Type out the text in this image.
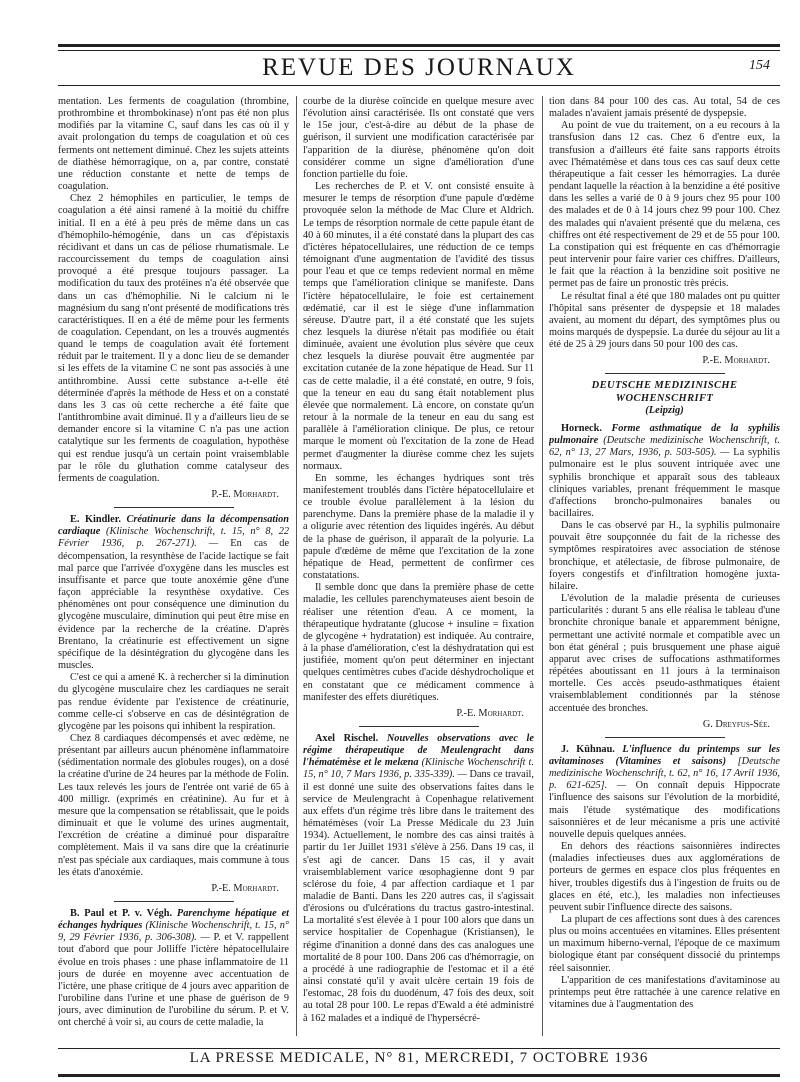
REVUE DES JOURNAUX	154

mentation. Les ferments de coagulation (thrombine, prothrombine et thrombokinase) n'ont pas été non plus modifiés par la vitamine C, sauf dans les cas où il y avait prolongation du temps de coagulation et où ces ferments ont nettement diminué. Chez les sujets atteints de diathèse hémorragique, on a, par contre, constaté une réduction constante et nette de temps de coagulation.

Chez 2 hémophiles en particulier, le temps de coagulation a été ainsi ramené à la moitié du chiffre initial. Il en a été à peu près de même dans un cas d'hémophilo-hémogénie, dans un cas d'épistaxis récidivant et dans un cas de péliose rhumatismale. Le raccourcissement du temps de coagulation ainsi provoqué a été presque toujours passager. La modification du taux des protéines n'a été observée que dans un cas d'hémophilie. Ni le calcium ni le magnésium du sang n'ont présenté de modifications très caractéristiques. Il en a été de même pour les ferments de coagulation. Cependant, on les a trouvés augmentés quand le temps de coagulation avait été fortement réduit par le traitement. Il y a donc lieu de se demander si les effets de la vitamine C ne sont pas associés à une antithrombine. Aussi cette substance a-t-elle été déterminée d'après la méthode de Hess et on a constaté dans les 3 cas où cette recherche a été faite que l'antithrombine avait diminué. Il y a d'ailleurs lieu de se demander encore si la vitamine C n'a pas une action catalytique sur les ferments de coagulation, hypothèse qui est rendue jusqu'à un certain point vraisemblable par le rôle du gluthation comme catalyseur des ferments de coagulation.

P.-E. Morhardt.

E. Kindler. Créatinurie dans la décompensation cardiaque (Klinische Wochenschrift, t. 15, n° 8, 22 Février 1936, p. 267-271). — En cas de décompensation, la resynthèse de l'acide lactique se fait mal parce que l'arrivée d'oxygène dans les muscles est insuffisante et parce que toute anoxémie gêne d'une façon appréciable la resynthèse oxydative. Ces phénomènes ont pour conséquence une diminution du glycogène musculaire, diminution qui peut être mise en évidence par la recherche de la créatine. D'après Brentano, la créatinurie est effectivement un signe spécifique de la désintégration du glycogène dans les muscles.

C'est ce qui a amené K. à rechercher si la diminution du glycogène musculaire chez les cardiaques ne serait pas rendue évidente par l'existence de créatinurie, comme celle-ci s'observe en cas de désintégration de glycogène par les poisons qui inhibent la respiration.

Chez 8 cardiaques décompensés et avec œdème, ne présentant par ailleurs aucun phénomène inflammatoire (sédimentation normale des globules rouges), on a dosé la créatine d'urine de 24 heures par la méthode de Folin. Les taux relevés les jours de l'entrée ont varié de 65 à 400 milligr. (exprimés en créatinine). Au fur et à mesure que la compensation se rétablissait, que le poids diminuait et que le volume des urines augmentait, l'excrétion de créatine a diminué pour disparaître complètement. Mais il va sans dire que la créatinurie n'est pas spéciale aux cardiaques, mais commune à tous les états d'anoxémie.

P.-E. Morhardt.

B. Paul et P. v. Végh. Parenchyme hépatique et échanges hydriques (Klinische Wochenschrift, t. 15, n° 9, 29 Février 1936, p. 306-308). — P. et V. rappellent tout d'abord que pour Jolliffe l'ictère hépatocellulaire évolue en trois phases : une phase inflammatoire de 11 jours de durée en moyenne avec accentuation de l'ictère, une phase critique de 4 jours avec apparition de l'urobiline dans l'urine et une phase de guérison de 9 jours, avec diminution de l'urobiline du sérum. P. et V. ont cherché à voir si, au cours de cette maladie, la

courbe de la diurèse coïncide en quelque mesure avec l'évolution ainsi caractérisée. Ils ont constaté que vers le 15e jour, c'est-à-dire au début de la phase de guérison, il survient une modification caractérisée par l'apparition de la diurèse, phénomène qu'on doit considérer comme un signe d'amélioration d'une fonction partielle du foie.

Les recherches de P. et V. ont consisté ensuite à mesurer le temps de résorption d'une papule d'œdème provoquée selon la méthode de Mac Clure et Aldrich. Le temps de résorption normale de cette papule étant de 40 à 60 minutes, il a été constaté dans la plupart des cas d'ictères hépatocellulaires, une réduction de ce temps témoignant d'une augmentation de l'avidité des tissus pour l'eau et que ce temps redevient normal en même temps que l'amélioration clinique se manifeste. Dans l'ictère hépatocellulaire, le foie est certainement œdématié, car il est le siège d'une inflammation séreuse. D'autre part, il a été constaté que les sujets chez lesquels la diurèse n'était pas modifiée ou était diminuée, avaient une évolution plus sévère que ceux chez lesquels la diurèse pouvait être augmentée par excitation cutanée de la zone hépatique de Head. Sur 11 cas de cette maladie, il a été constaté, en outre, 9 fois, que la teneur en eau du sang était notablement plus élevée que normalement. Là encore, on constate qu'un retour à la normale de la teneur en eau du sang est parallèle à l'amélioration clinique. De plus, ce retour marque le moment où l'excitation de la zone de Head permet d'augmenter la diurèse comme chez les sujets normaux.

En somme, les échanges hydriques sont très manifestement troublés dans l'ictère hépatocellulaire et ce trouble évolue parallèlement à la lésion du parenchyme. Dans la première phase de la maladie il y a oligurie avec rétention des liquides ingérés. Au début de la phase de guérison, il apparaît de la polyurie. La papule d'œdème de même que l'excitation de la zone hépatique de Head, permettent de confirmer ces constatations.

Il semble donc que dans la première phase de cette maladie, les cellules parenchymateuses aient besoin de réaliser une rétention d'eau. A ce moment, la thérapeutique hydratante (glucose + insuline = fixation de glycogène + hydratation) est indiquée. Au contraire, à la phase d'amélioration, c'est la déshydratation qui est justifiée, moment qu'on peut déterminer en injectant quelques centimètres cubes d'acide déshydrocholique et en constatant que ce médicament commence à manifester des effets diurétiques.

P.-E. Morhardt.

Axel Rischel. Nouvelles observations avec le régime thérapeutique de Meulengracht dans l'hématémèse et le melæna (Klinische Wochenschrift t. 15, n° 10, 7 Mars 1936, p. 335-339). — Dans ce travail, il est donné une suite des observations faites dans le service de Meulengracht à Copenhague relativement aux effets d'un régime très libre dans le traitement des hématémèses (voir La Presse Médicale du 23 Juin 1934). Actuellement, le nombre des cas ainsi traités à partir du 1er Juillet 1931 s'élève à 256. Dans 19 cas, il s'est agi de cancer. Dans 15 cas, il y avait vraisemblablement varice œsophagienne dont 9 par sclérose du foie, 4 par affection cardiaque et 1 par maladie de Banti. Dans les 220 autres cas, il s'agissait d'érosions ou d'ulcérations du tractus gastro-intestinal. La mortalité s'est élevée à 1 pour 100 alors que dans un service hospitalier de Copenhague (Kristiansen), le régime d'inanition a donné dans des cas analogues une mortalité de 8 pour 100. Dans 206 cas d'hémorragie, on a procédé à une radiographie de l'estomac et il a été ainsi constaté qu'il y avait ulcère certain 19 fois de l'estomac, 28 fois du duodénum, 47 fois des deux, soit au total 28 pour 100. Le repas d'Ewald a été administré à 162 malades et a indiqué de l'hypersécré-

tion dans 84 pour 100 des cas. Au total, 54 de ces malades n'avaient jamais présenté de dyspepsie.

Au point de vue du traitement, on a eu recours à la transfusion dans 12 cas. Chez 6 d'entre eux, la transfusion a d'ailleurs été faite sans rapports étroits avec l'hématémèse et dans tous ces cas sauf deux cette thérapeutique a fait cesser les hémorragies. La durée pendant laquelle la réaction à la benzidine a été positive dans les selles a varié de 0 à 9 jours chez 95 pour 100 des malades et de 0 à 14 jours chez 99 pour 100. Chez des malades qui n'avaient présenté que du melæna, ces chiffres ont été respectivement de 29 et de 55 pour 100. La constipation qui est fréquente en cas d'hémorragie peut intervenir pour faire varier ces chiffres. D'ailleurs, le fait que la réaction à la benzidine soit positive ne permet pas de faire un pronostic très précis.

Le résultat final a été que 180 malades ont pu quitter l'hôpital sans présenter de dyspepsie et 18 malades avaient, au moment du départ, des symptômes plus ou moins marqués de dyspepsie. La durée du séjour au lit a été de 25 à 29 jours dans 50 pour 100 des cas.

P.-E. Morhardt.

DEUTSCHE MEDIZINISCHE WOCHENSCHRIFT

(Leipzig)

Horneck. Forme asthmatique de la syphilis pulmonaire (Deutsche medizinische Wochenschrift, t. 62, n° 13, 27 Mars, 1936, p. 503-505). — La syphilis pulmonaire est le plus souvent intriquée avec une syphilis bronchique et apparaît sous des tableaux cliniques variables, prenant fréquemment le masque d'affections broncho-pulmonaires banales ou bacillaires.

Dans le cas observé par H., la syphilis pulmonaire pouvait être soupçonnée du fait de la richesse des symptômes respiratoires avec association de sténose bronchique, et atélectasie, de fibrose pulmonaire, de foyers congestifs et d'infiltration homogène juxta-hilaire.

L'évolution de la maladie présenta de curieuses particularités : durant 5 ans elle réalisa le tableau d'une bronchite chronique banale et apparemment bénigne, permettant une activité normale et compatible avec un bon état général ; puis brusquement une phase aiguë apparut avec crises de suffocations asthmatiformes répétées aboutissant en 11 jours à la terminaison mortelle. Ces accès pseudo-asthmatiques étaient vraisemblablement conditionnés par la sténose accentuée des bronches.

G. Dreyfus-Sée.

J. Kühnau. L'influence du printemps sur les avitaminoses (Vitamines et saisons) [Deutsche medizinische Wochenschrift, t. 62, n° 16, 17 Avril 1936, p. 621-625]. — On connaît depuis Hippocrate l'influence des saisons sur l'évolution de la morbidité, mais l'étude systématique des modifications saisonnières et de leur mécanisme a pris une activité nouvelle depuis quelques années.

En dehors des réactions saisonnières indirectes (maladies infectieuses dues aux agglomérations de porteurs de germes en espace clos plus fréquentes en hiver, troubles digestifs dus à l'ingestion de fruits ou de glaces en été, etc.), les maladies non infectieuses peuvent subir l'influence directe des saisons.

La plupart de ces affections sont dues à des carences plus ou moins accentuées en vitamines. Elles présentent un maximum hiberno-vernal, l'époque de ce maximum biologique étant par conséquent dissocié du printemps réel saisonnier.

L'apparition de ces manifestations d'avitaminose au printemps peut être rattachée à une carence relative en vitamines due à l'augmentation des

LA PRESSE MEDICALE, N° 81, MERCREDI, 7 OCTOBRE 1936
